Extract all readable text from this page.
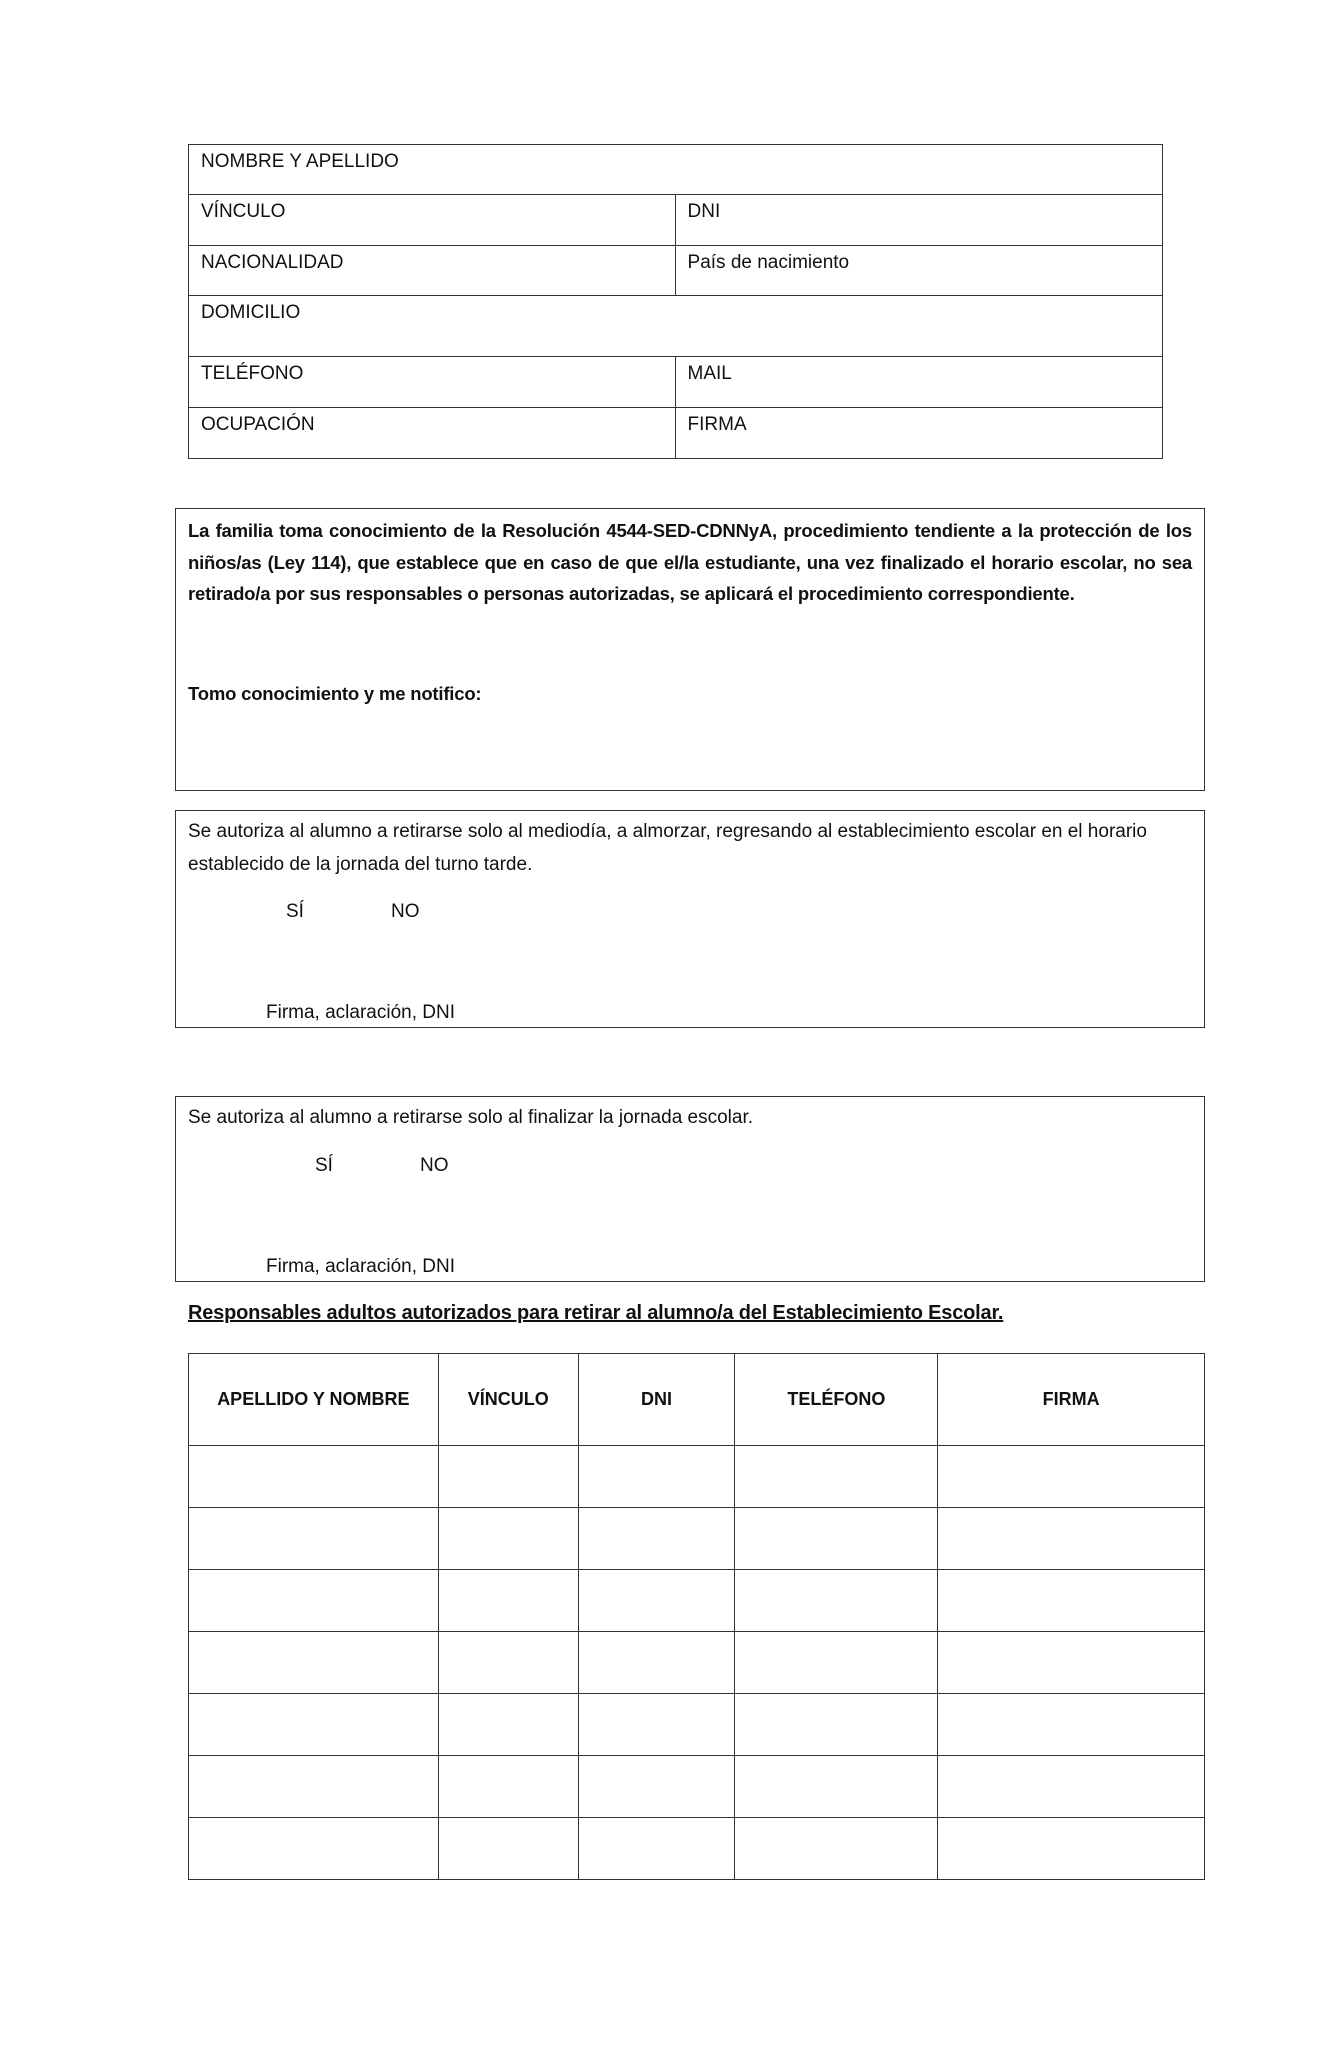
NOMBRE Y APELLIDO	
VÍNCULO	DNI
NACIONALIDAD	País de nacimiento
DOMICILIO	
TELÉFONO	MAIL
OCUPACIÓN	FIRMA
La familia toma conocimiento de la Resolución 4544-SED-CDNNyA, procedimiento tendiente a la protección de los niños/as (Ley 114), que establece que en caso de que el/la estudiante, una vez finalizado el horario escolar, no sea retirado/a por sus responsables o personas autorizadas, se aplicará el procedimiento correspondiente.
Tomo conocimiento y me notifico:
Se autoriza al alumno a retirarse solo al mediodía, a almorzar, regresando al establecimiento escolar en el horario establecido de la jornada del turno tarde.
SÍ	NO
Firma, aclaración, DNI
Se autoriza al alumno a retirarse solo al finalizar la jornada escolar.
SÍ	NO
Firma, aclaración, DNI
Responsables adultos autorizados para retirar al alumno/a del Establecimiento Escolar.
APELLIDO Y NOMBRE	VÍNCULO	DNI	TELÉFONO	FIRMA
